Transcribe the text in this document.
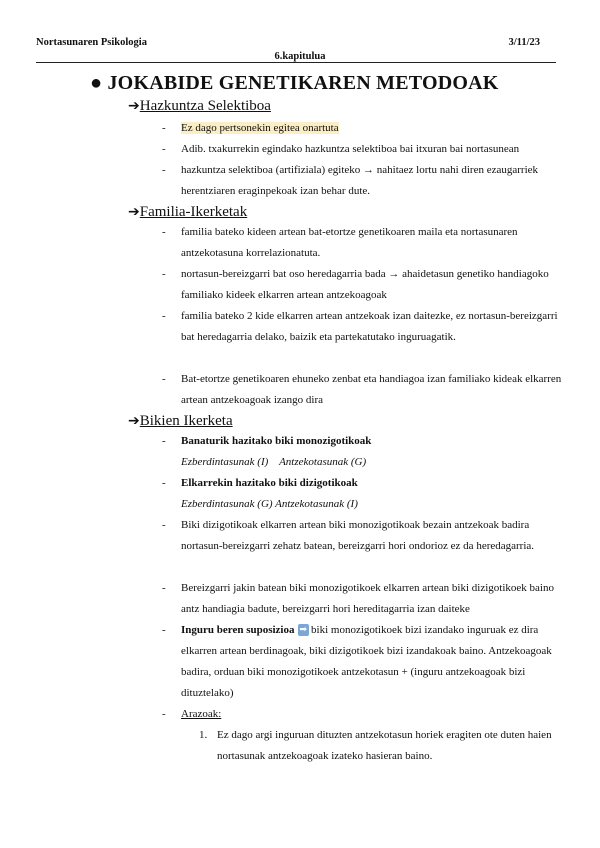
Nortasunaren Psikologia	3/11/23
6.kapitulua
● JOKABIDE GENETIKAREN METODOAK
➔Hazkuntza Selektiboa
- Ez dago pertsonekin egitea onartuta
- Adib. txakurrekin egindako hazkuntza selektiboa bai itxuran bai nortasunean
- hazkuntza selektiboa (artifiziala) egiteko → nahitaez lortu nahi diren ezaugarriek herentziaren eraginpekoak izan behar dute.
➔Familia-Ikerketak
- familia bateko kideen artean bat-etortze genetikoaren maila eta nortasunaren antzekotasuna korrelazionatuta.
- nortasun-bereizgarri bat oso heredagarria bada → ahaidetasun genetiko handiagoko familiako kideek elkarren artean antzekoagoak
- familia bateko 2 kide elkarren artean antzekoak izan daitezke, ez nortasun-bereizgarri bat heredagarria delako, baizik eta partekatutako inguruagatik.
- Bat-etortze genetikoaren ehuneko zenbat eta handiagoa izan familiako kideak elkarren artean antzekoagoak izango dira
➔Bikien Ikerketa
- Banaturik hazitako biki monozigotikoak
Ezberdintasunak (I)    Antzekotasunak (G)
- Elkarrekin hazitako biki dizigotikoak
Ezberdintasunak (G) Antzekotasunak (I)
- Biki dizigotikoak elkarren artean biki monozigotikoak bezain antzekoak badira nortasun-bereizgarri zehatz batean, bereizgarri hori ondorioz ez da heredagarria.
- Bereizgarri jakin batean biki monozigotikoek elkarren artean biki dizigotikoek baino antz handiagia badute, bereizgarri hori hereditagarria izan daiteke
- Inguru beren suposizioa ➡ biki monozigotikoek bizi izandako inguruak ez dira elkarren artean berdinagoak, biki dizigotikoek bizi izandakoak baino. Antzekoagoak badira, orduan biki monozigotikoek antzekotasun + (inguru antzekoagoak bizi dituztelako)
- Arazoak:
1. Ez dago argi inguruan dituzten antzekotasun horiek eragiten ote duten haien nortasunak antzekoagoak izateko hasieran baino.
